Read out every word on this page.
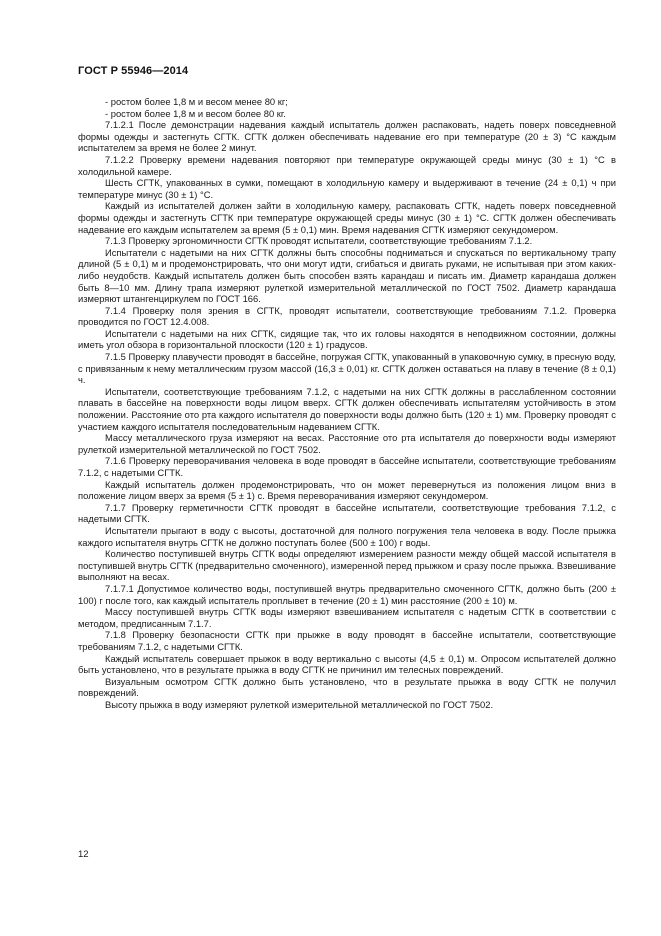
ГОСТ Р 55946—2014

- ростом более 1,8 м и весом менее 80 кг;

- ростом более 1,8 м и весом более 80 кг.

7.1.2.1 После демонстрации надевания каждый испытатель должен распаковать, надеть поверх повседневной формы одежды и застегнуть СГТК. СГТК должен обеспечивать надевание его при температуре (20 ± 3) °С каждым испытателем за время не более 2 минут.

7.1.2.2 Проверку времени надевания повторяют при температуре окружающей среды минус (30 ± 1) °С в холодильной камере.

Шесть СГТК, упакованных в сумки, помещают в холодильную камеру и выдерживают в течение (24 ± 0,1) ч при температуре минус (30 ± 1) °С.

Каждый из испытателей должен зайти в холодильную камеру, распаковать СГТК, надеть поверх повседневной формы одежды и застегнуть СГТК при температуре окружающей среды минус (30 ± 1) °С. СГТК должен обеспечивать надевание его каждым испытателем за время (5 ± 0,1) мин. Время надевания СГТК измеряют секундомером.

7.1.3 Проверку эргономичности СГТК проводят испытатели, соответствующие требованиям 7.1.2.

Испытатели с надетыми на них СГТК должны быть способны подниматься и спускаться по вертикальному трапу длиной (5 ± 0,1) м и продемонстрировать, что они могут идти, сгибаться и двигать руками, не испытывая при этом каких-либо неудобств. Каждый испытатель должен быть способен взять карандаш и писать им. Диаметр карандаша должен быть 8—10 мм. Длину трапа измеряют рулеткой измерительной металлической по ГОСТ 7502. Диаметр карандаша измеряют штангенциркулем по ГОСТ 166.

7.1.4 Проверку поля зрения в СГТК, проводят испытатели, соответствующие требованиям 7.1.2. Проверка проводится по ГОСТ 12.4.008.

Испытатели с надетыми на них СГТК, сидящие так, что их головы находятся в неподвижном состоянии, должны иметь угол обзора в горизонтальной плоскости (120 ± 1) градусов.

7.1.5 Проверку плавучести проводят в бассейне, погружая СГТК, упакованный в упаковочную сумку, в пресную воду, с привязанным к нему металлическим грузом массой (16,3 ± 0,01) кг. СГТК должен оставаться на плаву в течение (8 ± 0,1) ч.

Испытатели, соответствующие требованиям 7.1.2, с надетыми на них СГТК должны в расслабленном состоянии плавать в бассейне на поверхности воды лицом вверх. СГТК должен обеспечивать испытателям устойчивость в этом положении. Расстояние ото рта каждого испытателя до поверхности воды должно быть (120 ± 1) мм. Проверку проводят с участием каждого испытателя последовательным надеванием СГТК.

Массу металлического груза измеряют на весах. Расстояние ото рта испытателя до поверхности воды измеряют рулеткой измерительной металлической по ГОСТ 7502.

7.1.6 Проверку переворачивания человека в воде проводят в бассейне испытатели, соответствующие требованиям 7.1.2, с надетыми СГТК.

Каждый испытатель должен продемонстрировать, что он может перевернуться из положения лицом вниз в положение лицом вверх за время (5 ± 1) с. Время переворачивания измеряют секундомером.

7.1.7 Проверку герметичности СГТК проводят в бассейне испытатели, соответствующие требования 7.1.2, с надетыми СГТК.

Испытатели прыгают в воду с высоты, достаточной для полного погружения тела человека в воду. После прыжка каждого испытателя внутрь СГТК не должно поступать более (500 ± 100) г воды.

Количество поступившей внутрь СГТК воды определяют измерением разности между общей массой испытателя в поступившей внутрь СГТК (предварительно смоченного), измеренной перед прыжком и сразу после прыжка. Взвешивание выполняют на весах.

7.1.7.1 Допустимое количество воды, поступившей внутрь предварительно смоченного СГТК, должно быть (200 ± 100) г после того, как каждый испытатель проплывет в течение (20 ± 1) мин расстояние (200 ± 10) м.

Массу поступившей внутрь СГТК воды измеряют взвешиванием испытателя с надетым СГТК в соответствии с методом, предписанным 7.1.7.

7.1.8 Проверку безопасности СГТК при прыжке в воду проводят в бассейне испытатели, соответствующие требованиям 7.1.2, с надетыми СГТК.

Каждый испытатель совершает прыжок в воду вертикально с высоты (4,5 ± 0,1) м. Опросом испытателей должно быть установлено, что в результате прыжка в воду СГТК не причинил им телесных повреждений.

Визуальным осмотром СГТК должно быть установлено, что в результате прыжка в воду СГТК не получил повреждений.

Высоту прыжка в воду измеряют рулеткой измерительной металлической по ГОСТ 7502.

12
